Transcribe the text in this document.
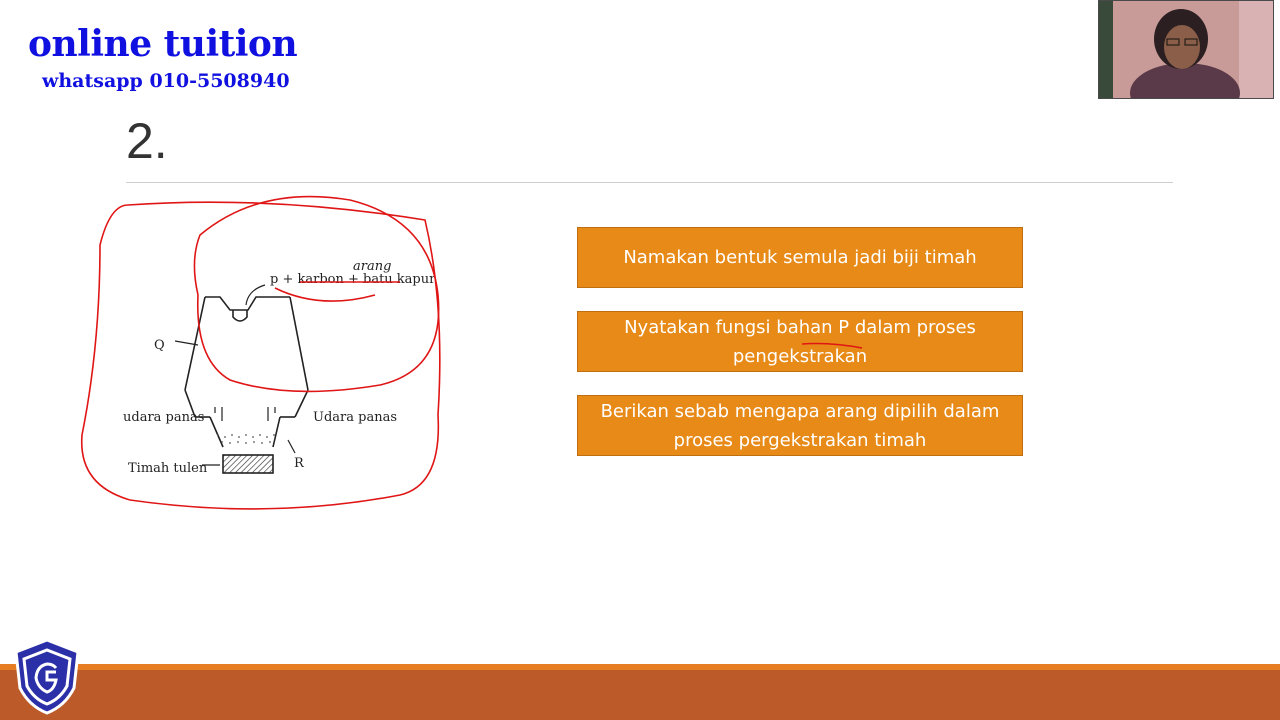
online tuition
whatsapp 010-5508940
2.
p + karbon + batu kapur
Q
udara panas	Udara panas
Timah tulen	R
arang	Namakan bentuk semula jadi biji timah
Nyatakan fungsi bahan P dalam proses pengekstrakan
Berikan sebab mengapa arang dipilih dalam proses pergekstrakan timah
